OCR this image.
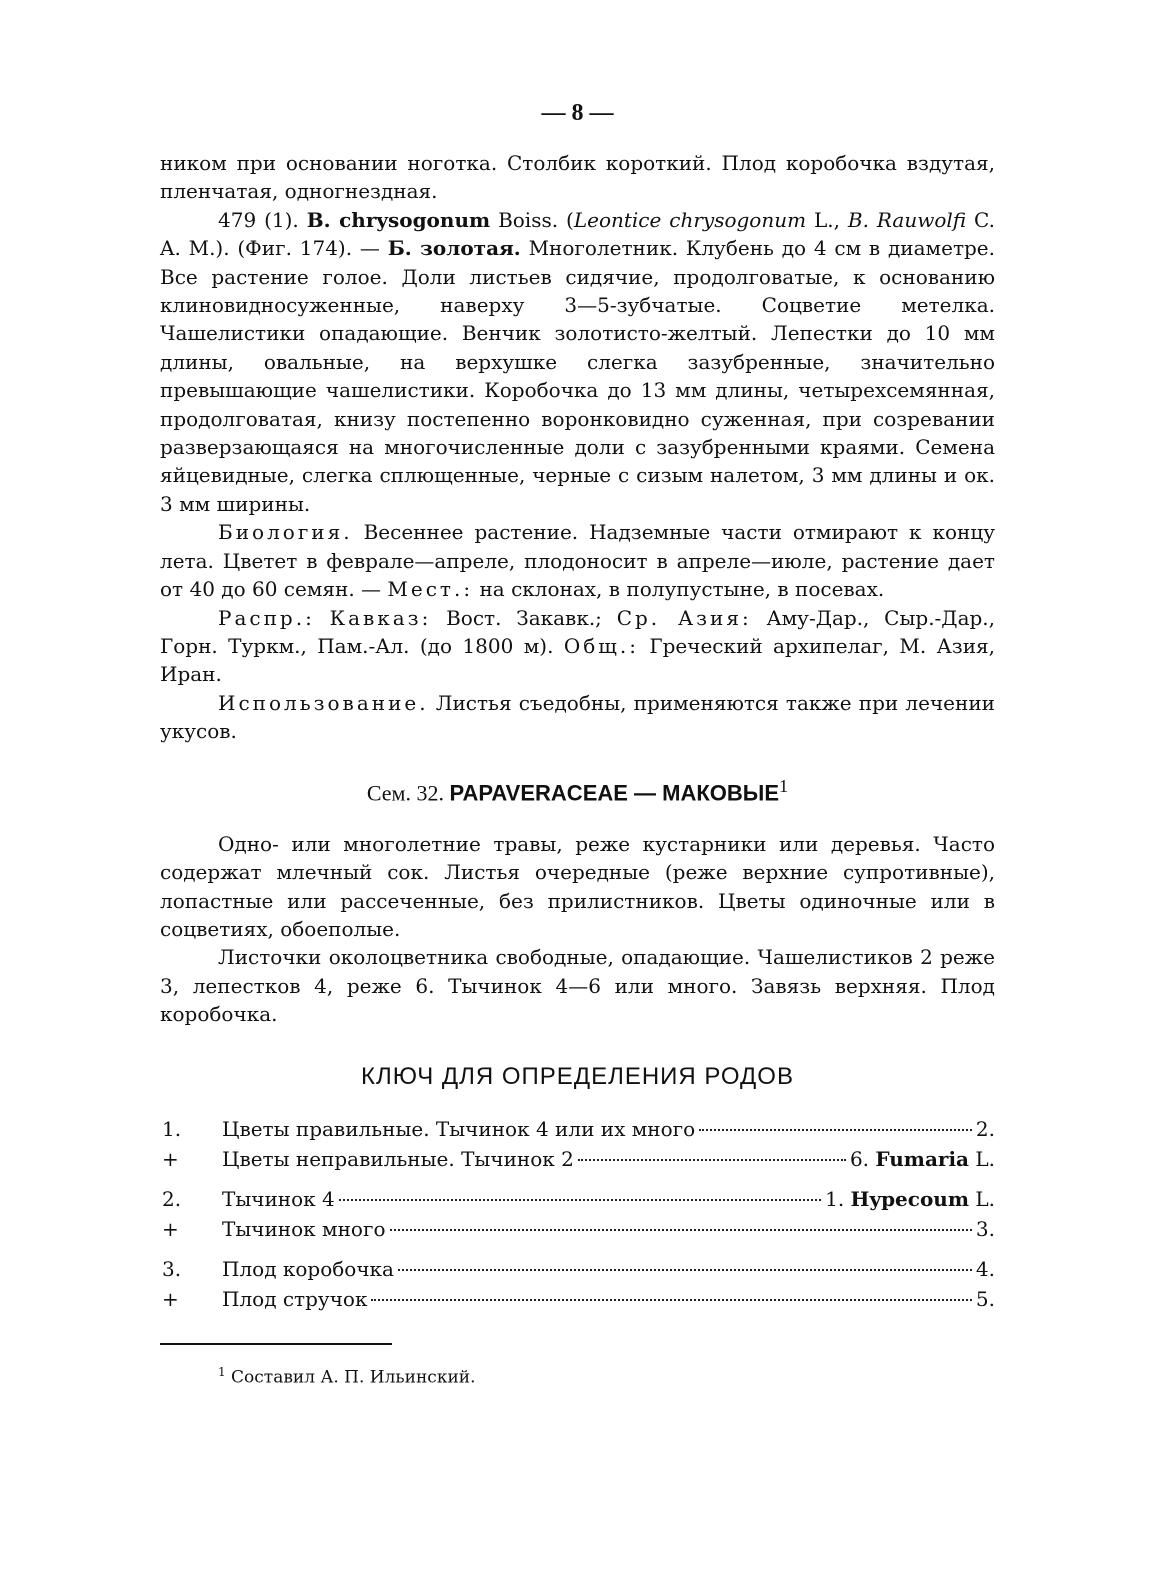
— 8 —

ником при основании ноготка. Столбик короткий. Плод коробочка вздутая, пленчатая, одногнездная.

479 (1). B. chrysogonum Boiss. (Leontice chrysogonum L., B. Rauwolfi C. A. M.). (Фиг. 174). — Б. золотая. Многолетник. Клубень до 4 см в диаметре. Все растение голое. Доли листьев сидячие, продолговатые, к основанию клиновидносуженные, наверху 3—5-зубчатые. Соцветие метелка. Чашелистики опадающие. Венчик золотисто-желтый. Лепестки до 10 мм длины, овальные, на верхушке слегка зазубренные, значительно превышающие чашелистики. Коробочка до 13 мм длины, четырехсемянная, продолговатая, книзу постепенно воронковидно суженная, при созревании разверзающаяся на многочисленные доли с зазубренными краями. Семена яйцевидные, слегка сплющенные, черные с сизым налетом, 3 мм длины и ок. 3 мм ширины.

Биология. Весеннее растение. Надземные части отмирают к концу лета. Цветет в феврале—апреле, плодоносит в апреле—июле, растение дает от 40 до 60 семян. — Мест.: на склонах, в полупустыне, в посевах.

Распр.: Кавказ: Вост. Закавк.; Ср. Азия: Аму-Дар., Сыр.-Дар., Горн. Туркм., Пам.-Ал. (до 1800 м). Общ.: Греческий архипелаг, М. Азия, Иран.

Использование. Листья съедобны, применяются также при лечении укусов.

Сем. 32. PAPAVERACEAE — МАКОВЫЕ$^1$

Одно- или многолетние травы, реже кустарники или деревья. Часто содержат млечный сок. Листья очередные (реже верхние супротивные), лопастные или рассеченные, без прилистников. Цветы одиночные или в соцветиях, обоеполые.

Листочки околоцветника свободные, опадающие. Чашелистиков 2 реже 3, лепестков 4, реже 6. Тычинок 4—6 или много. Завязь верхняя. Плод коробочка.

КЛЮЧ ДЛЯ ОПРЕДЕЛЕНИЯ РОДОВ
1.	Цветы правильные. Тычинок 4 или их много	2.
+	Цветы неправильные. Тычинок 2	6. Fumaria L.
2.	Тычинок 4	1. Hypecoum L.
+	Тычинок много	3.
3.	Плод коробочка	4.
+	Плод стручок	5.
$^1$ Составил А. П. Ильинский.
